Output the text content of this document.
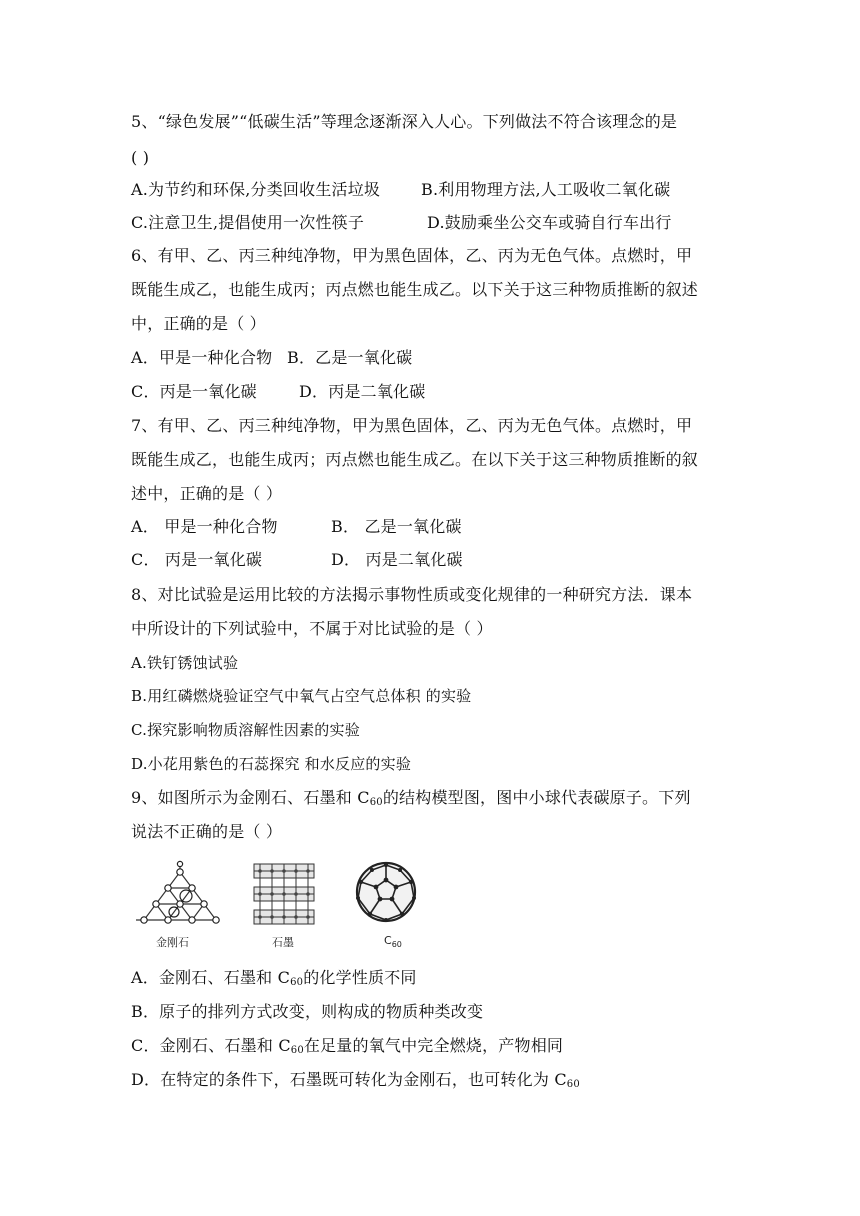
5、“绿色发展”“低碳生活”等理念逐渐深入人心。下列做法不符合该理念的是
( )
A.为节约和环保,分类回收生活垃圾	B.利用物理方法,人工吸收二氧化碳
C.注意卫生,提倡使用一次性筷子	D.鼓励乘坐公交车或骑自行车出行
6、有甲、乙、丙三种纯净物，甲为黑色固体，乙、丙为无色气体。点燃时，甲
既能生成乙，也能生成丙；丙点燃也能生成乙。以下关于这三种物质推断的叙述
中，正确的是（ ）
A．甲是一种化合物 B．乙是一氧化碳
C．丙是一氧化碳	D．丙是二氧化碳
7、有甲、乙、丙三种纯净物，甲为黑色固体，乙、丙为无色气体。点燃时，甲
既能生成乙，也能生成丙；丙点燃也能生成乙。在以下关于这三种物质推断的叙
述中，正确的是（ ）
A． 甲是一种化合物	B． 乙是一氧化碳
C． 丙是一氧化碳	D． 丙是二氧化碳
8、对比试验是运用比较的方法揭示事物性质或变化规律的一种研究方法．课本
中所设计的下列试验中，不属于对比试验的是（ ）
A.铁钉锈蚀试验
B.用红磷燃烧验证空气中氧气占空气总体积 的实验
C.探究影响物质溶解性因素的实验
D.小花用紫色的石蕊探究 和水反应的实验
9、如图所示为金刚石、石墨和 $C_{60}$的结构模型图，图中小球代表碳原子。下列
说法不正确的是（ ）
金刚石	石墨	$C_{60}$
A．金刚石、石墨和 $C_{60}$的化学性质不同
B．原子的排列方式改变，则构成的物质种类改变
C．金刚石、石墨和 $C_{60}$在足量的氧气中完全燃烧，产物相同
D．在特定的条件下，石墨既可转化为金刚石，也可转化为 $C_{60}$
